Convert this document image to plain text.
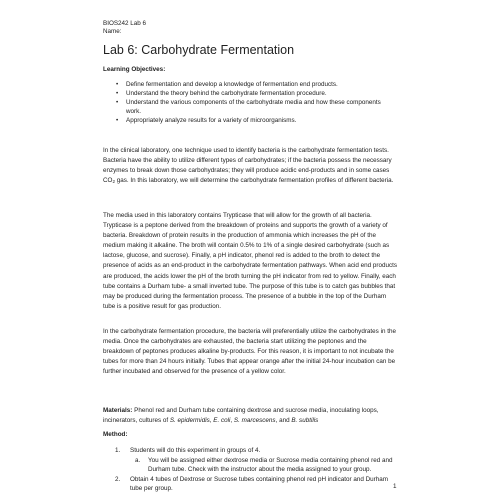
BIOS242 Lab 6
Name:
Lab 6: Carbohydrate Fermentation
Learning Objectives:
• Define fermentation and develop a knowledge of fermentation end products.
• Understand the theory behind the carbohydrate fermentation procedure.
• Understand the various components of the carbohydrate media and how these components work.
• Appropriately analyze results for a variety of microorganisms.

In the clinical laboratory, one technique used to identify bacteria is the carbohydrate fermentation tests. Bacteria have the ability to utilize different types of carbohydrates; if the bacteria possess the necessary enzymes to break down those carbohydrates; they will produce acidic end-products and in some cases $CO_2$ gas. In this laboratory, we will determine the carbohydrate fermentation profiles of different bacteria.

The media used in this laboratory contains Trypticase that will allow for the growth of all bacteria. Trypticase is a peptone derived from the breakdown of proteins and supports the growth of a variety of bacteria. Breakdown of protein results in the production of ammonia which increases the pH of the medium making it alkaline. The broth will contain 0.5% to 1% of a single desired carbohydrate (such as lactose, glucose, and sucrose). Finally, a pH indicator, phenol red is added to the broth to detect the presence of acids as an end-product in the carbohydrate fermentation pathways. When acid end products are produced, the acids lower the pH of the broth turning the pH indicator from red to yellow. Finally, each tube contains a Durham tube- a small inverted tube. The purpose of this tube is to catch gas bubbles that may be produced during the fermentation process. The presence of a bubble in the top of the Durham tube is a positive result for gas production.

In the carbohydrate fermentation procedure, the bacteria will preferentially utilize the carbohydrates in the media. Once the carbohydrates are exhausted, the bacteria start utilizing the peptones and the breakdown of peptones produces alkaline by-products. For this reason, it is important to not incubate the tubes for more than 24 hours initially. Tubes that appear orange after the initial 24-hour incubation can be further incubated and observed for the presence of a yellow color.

Materials: Phenol red and Durham tube containing dextrose and sucrose media, inoculating loops, incinerators, cultures of S. epidermidis, E. coli, S. marcescens, and B. subtilis

Method:
1. Students will do this experiment in groups of 4.
a. You will be assigned either dextrose media or Sucrose media containing phenol red and Durham tube. Check with the instructor about the media assigned to your group.
2. Obtain 4 tubes of Dextrose or Sucrose tubes containing phenol red pH indicator and Durham tube per group.	1
